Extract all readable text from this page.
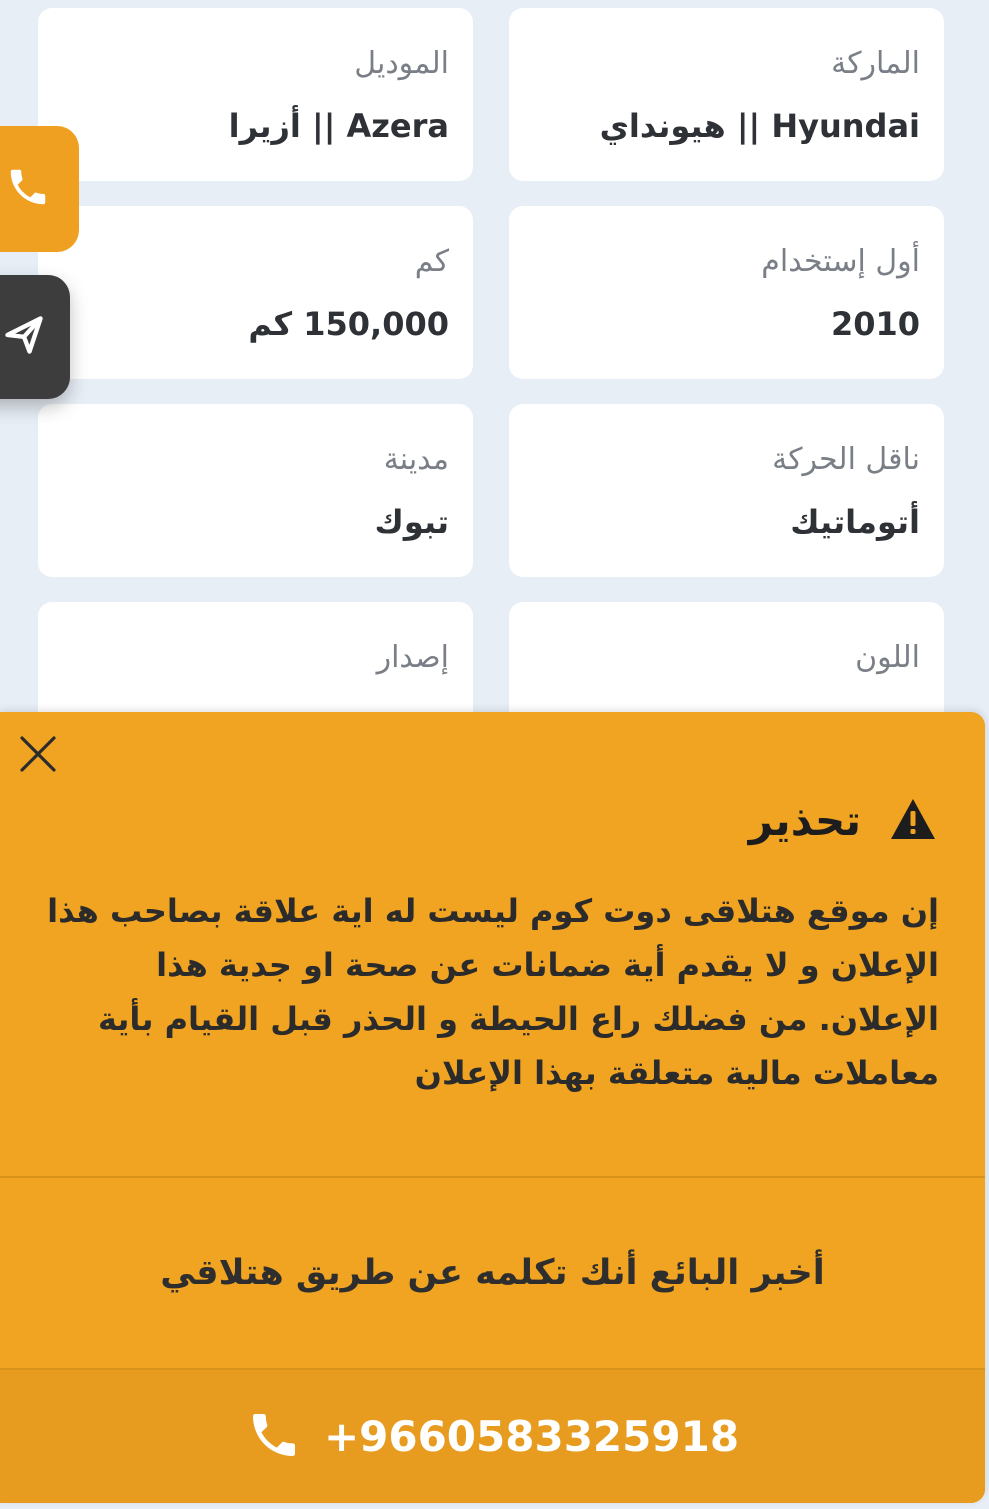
الماركة
Hyundai || هيونداي
الموديل
Azera || أزيرا
أول إستخدام
2010
كم
150,000 كم
ناقل الحركة
أتوماتيك
مدينة
تبوك
اللون
إصدار
تحذير
إن موقع هتلاقى دوت كوم ليست له اية علاقة بصاحب هذا الإعلان و لا يقدم أية ضمانات عن صحة او جدية هذا الإعلان. من فضلك راع الحيطة و الحذر قبل القيام بأية معاملات مالية متعلقة بهذا الإعلان
أخبر البائع أنك تكلمه عن طريق هتلاقي
+9660583325918
